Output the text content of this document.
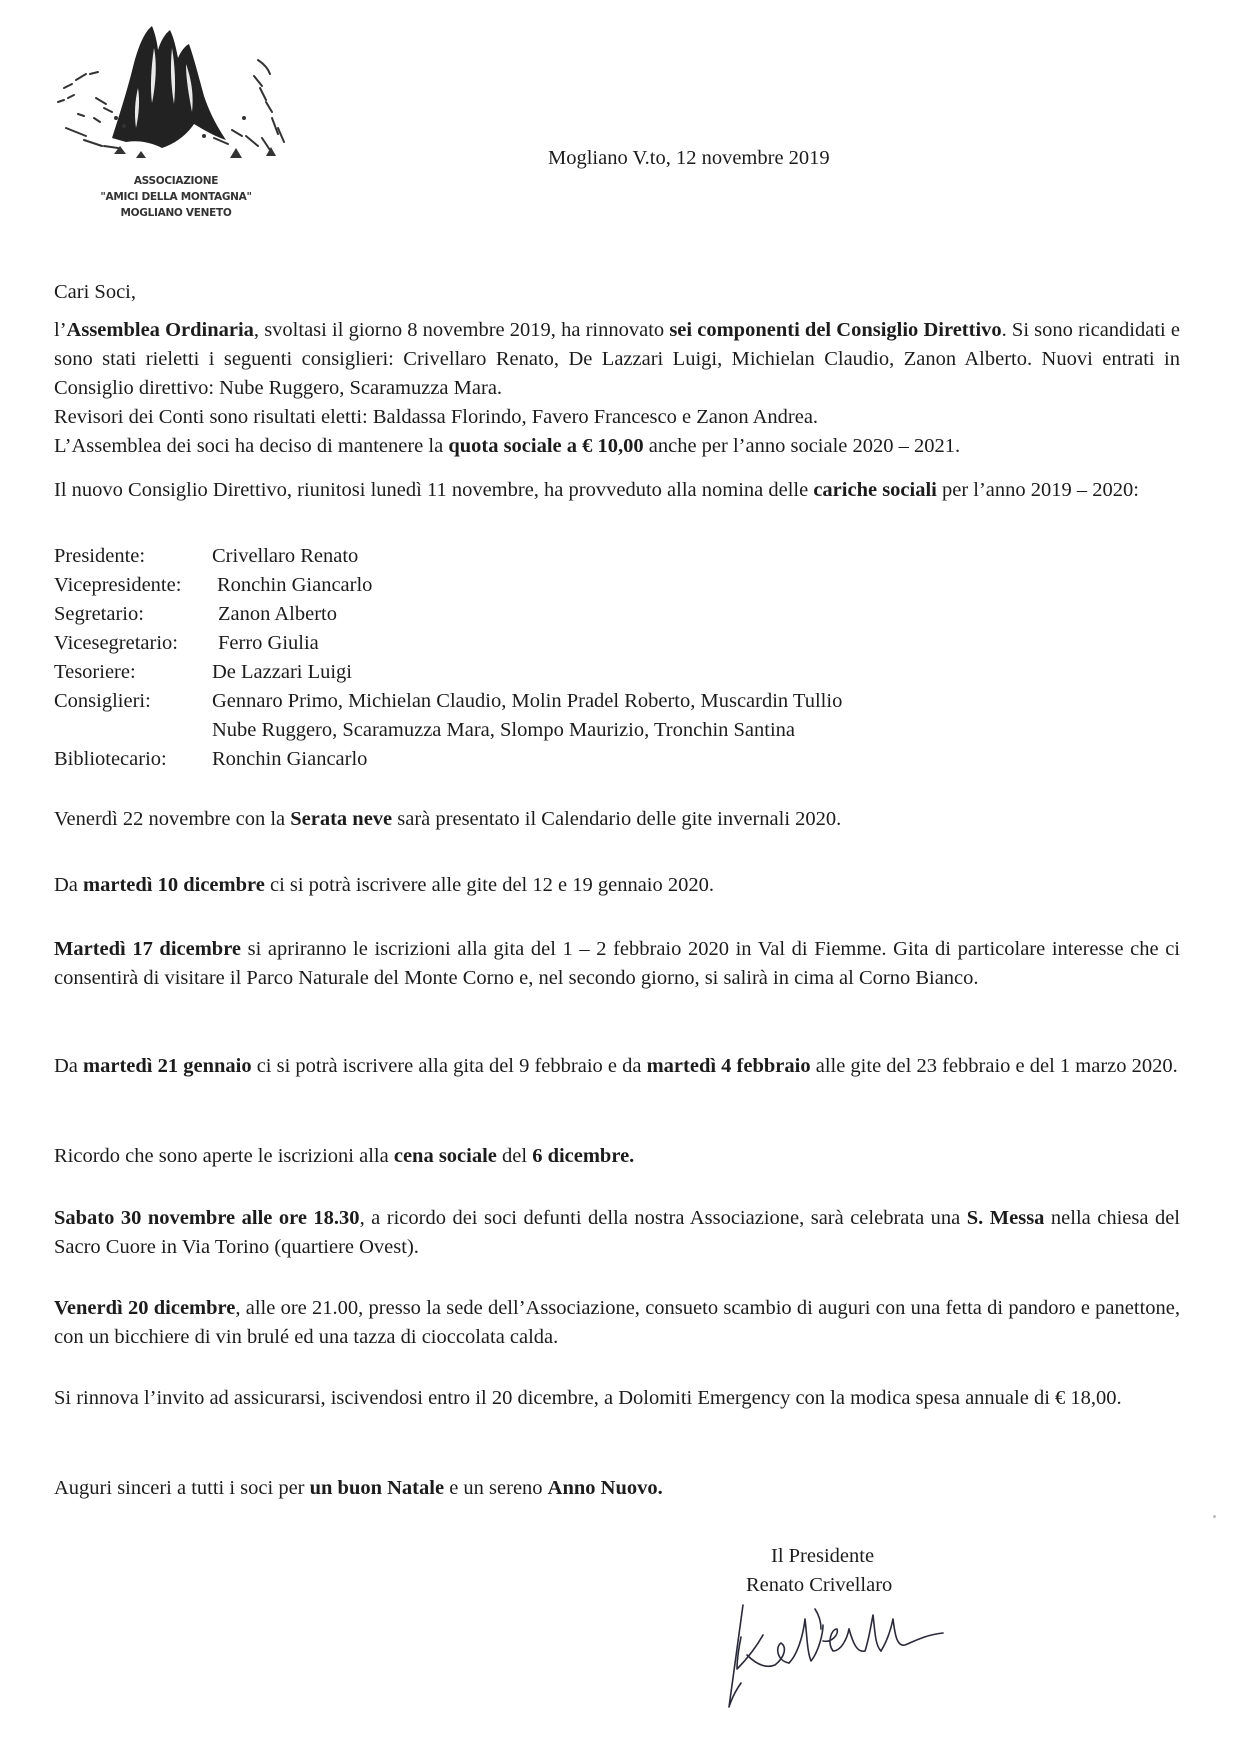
ASSOCIAZIONE
"AMICI DELLA MONTAGNA"
MOGLIANO VENETO
Mogliano V.to, 12 novembre 2019

Cari Soci,

l’Assemblea Ordinaria, svoltasi il giorno 8 novembre 2019, ha rinnovato sei componenti del Consiglio Direttivo. Si sono ricandidati e sono stati rieletti i seguenti consiglieri: Crivellaro Renato, De Lazzari Luigi, Michielan Claudio, Zanon Alberto. Nuovi entrati in Consiglio direttivo: Nube Ruggero, Scaramuzza Mara.

Revisori dei Conti sono risultati eletti: Baldassa Florindo, Favero Francesco e Zanon Andrea.

L’Assemblea dei soci ha deciso di mantenere la quota sociale a € 10,00 anche per l’anno sociale 2020 – 2021.

Il nuovo Consiglio Direttivo, riunitosi lunedì 11 novembre, ha provveduto alla nomina delle cariche sociali per l’anno 2019 – 2020:

Presidente:	Crivellaro Renato
Vicepresidente: Ronchin Giancarlo
Segretario:	Zanon Alberto
Vicesegretario: Ferro Giulia
Tesoriere:	De Lazzari Luigi
Consiglieri:	Gennaro Primo, Michielan Claudio, Molin Pradel Roberto, Muscardin Tullio
Nube Ruggero, Scaramuzza Mara, Slompo Maurizio, Tronchin Santina
Bibliotecario: Ronchin Giancarlo

Venerdì 22 novembre con la Serata neve sarà presentato il Calendario delle gite invernali 2020.

Da martedì 10 dicembre ci si potrà iscrivere alle gite del 12 e 19 gennaio 2020.

Martedì 17 dicembre si apriranno le iscrizioni alla gita del 1 – 2 febbraio 2020 in Val di Fiemme. Gita di particolare interesse che ci consentirà di visitare il Parco Naturale del Monte Corno e, nel secondo giorno, si salirà in cima al Corno Bianco.

Da martedì 21 gennaio ci si potrà iscrivere alla gita del 9 febbraio e da martedì 4 febbraio alle gite del 23 febbraio e del 1 marzo 2020.

Ricordo che sono aperte le iscrizioni alla cena sociale del 6 dicembre.

Sabato 30 novembre alle ore 18.30, a ricordo dei soci defunti della nostra Associazione, sarà celebrata una S. Messa nella chiesa del Sacro Cuore in Via Torino (quartiere Ovest).

Venerdì 20 dicembre, alle ore 21.00, presso la sede dell’Associazione, consueto scambio di auguri con una fetta di pandoro e panettone, con un bicchiere di vin brulé ed una tazza di cioccolata calda.

Si rinnova l’invito ad assicurarsi, iscivendosi entro il 20 dicembre, a Dolomiti Emergency con la modica spesa annuale di € 18,00.

Auguri sinceri a tutti i soci per un buon Natale e un sereno Anno Nuovo.

Il Presidente
Renato Crivellaro
